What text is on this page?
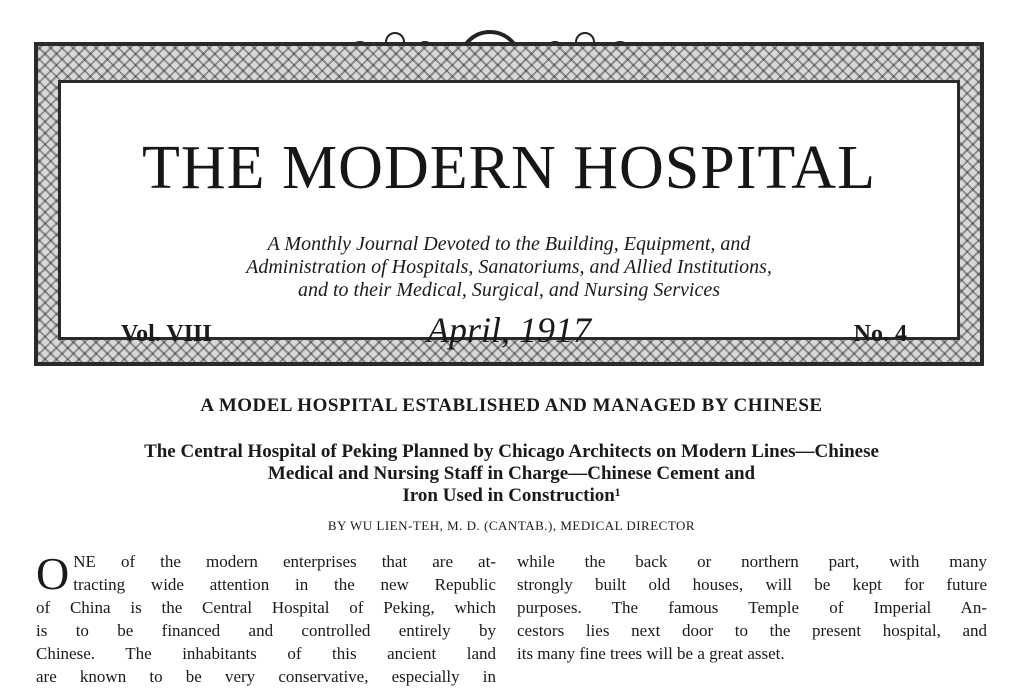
THE MODERN HOSPITAL
A Monthly Journal Devoted to the Building, Equipment, and
Administration of Hospitals, Sanatoriums, and Allied Institutions,
and to their Medical, Surgical, and Nursing Services
Vol. VIII	April, 1917	No. 4
A MODEL HOSPITAL ESTABLISHED AND MANAGED BY CHINESE
The Central Hospital of Peking Planned by Chicago Architects on Modern Lines—Chinese
Medical and Nursing Staff in Charge—Chinese Cement and
Iron Used in Construction¹
BY WU LIEN-TEH, M. D. (CANTAB.), MEDICAL DIRECTOR
O NE of the modern enterprises that are at-
tracting wide attention in the new Republic
of China is the Central Hospital of Peking, which
is to be financed and controlled entirely by
Chinese. The inhabitants of this ancient land
are known to be very conservative, especially in
while the back or northern part, with many
strongly built old houses, will be kept for future
purposes. The famous Temple of Imperial An-
cestors lies next door to the present hospital, and
its many fine trees will be a great asset.
